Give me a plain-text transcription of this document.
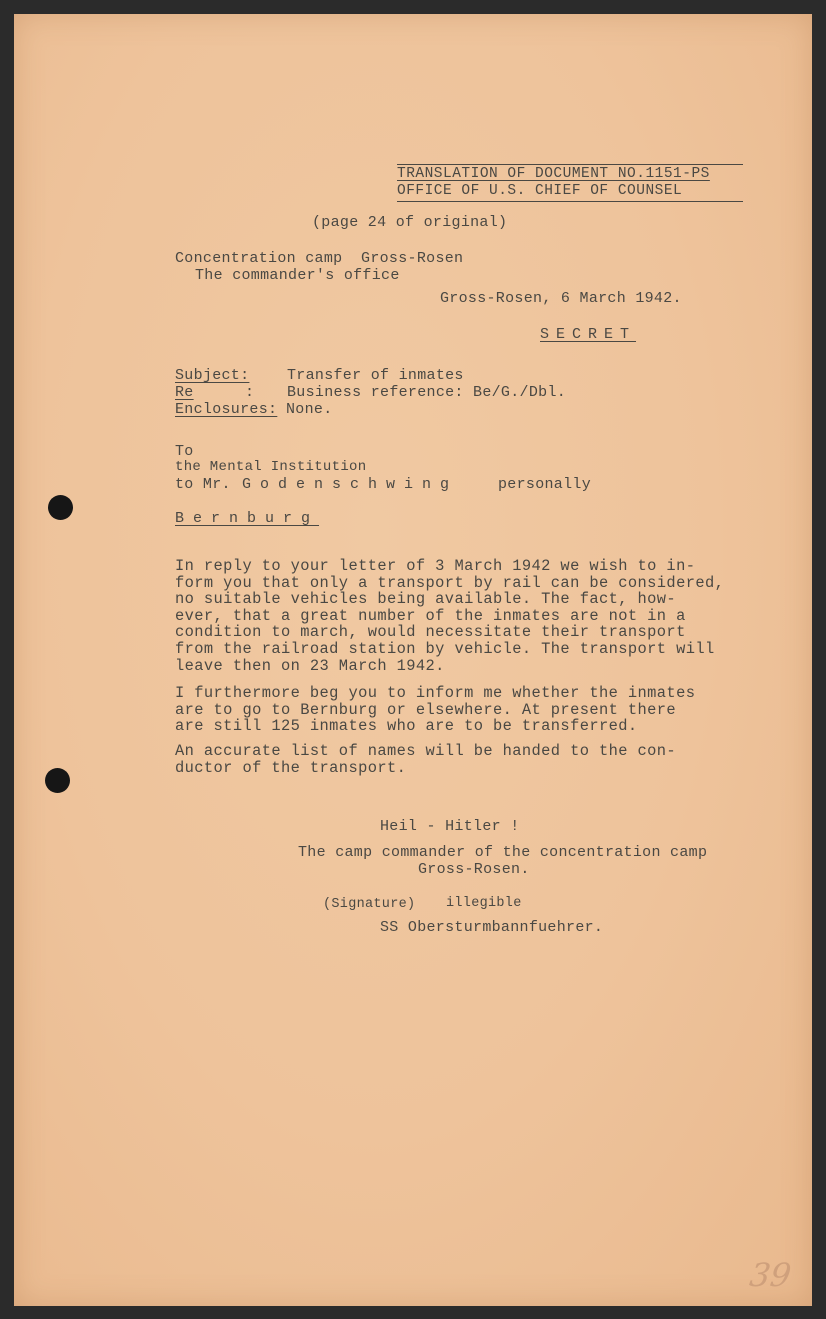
TRANSLATION OF DOCUMENT NO.1151-PS
OFFICE OF U.S. CHIEF OF COUNSEL

(page 24 of original)

Concentration camp  Gross-Rosen

The commander's office

Gross-Rosen, 6 March 1942.

SECRET

Subject:	Transfer of inmates

Re	: Business reference: Be/G./Dbl.

Enclosures: None.

To

the Mental Institution

to Mr. Godenschwing	personally

Bernburg

In reply to your letter of 3 March 1942 we wish to in-
form you that only a transport by rail can be considered,
no suitable vehicles being available. The fact, how-
ever, that a great number of the inmates are not in a
condition to march, would necessitate their transport
from the railroad station by vehicle. The transport will
leave then on 23 March 1942.

I furthermore beg you to inform me whether the inmates
are to go to Bernburg or elsewhere. At present there
are still 125 inmates who are to be transferred.

An accurate list of names will be handed to the con-
ductor of the transport.

Heil - Hitler !

The camp commander of the concentration camp

Gross-Rosen.

(Signature) illegible

SS Obersturmbannfuehrer.

39
